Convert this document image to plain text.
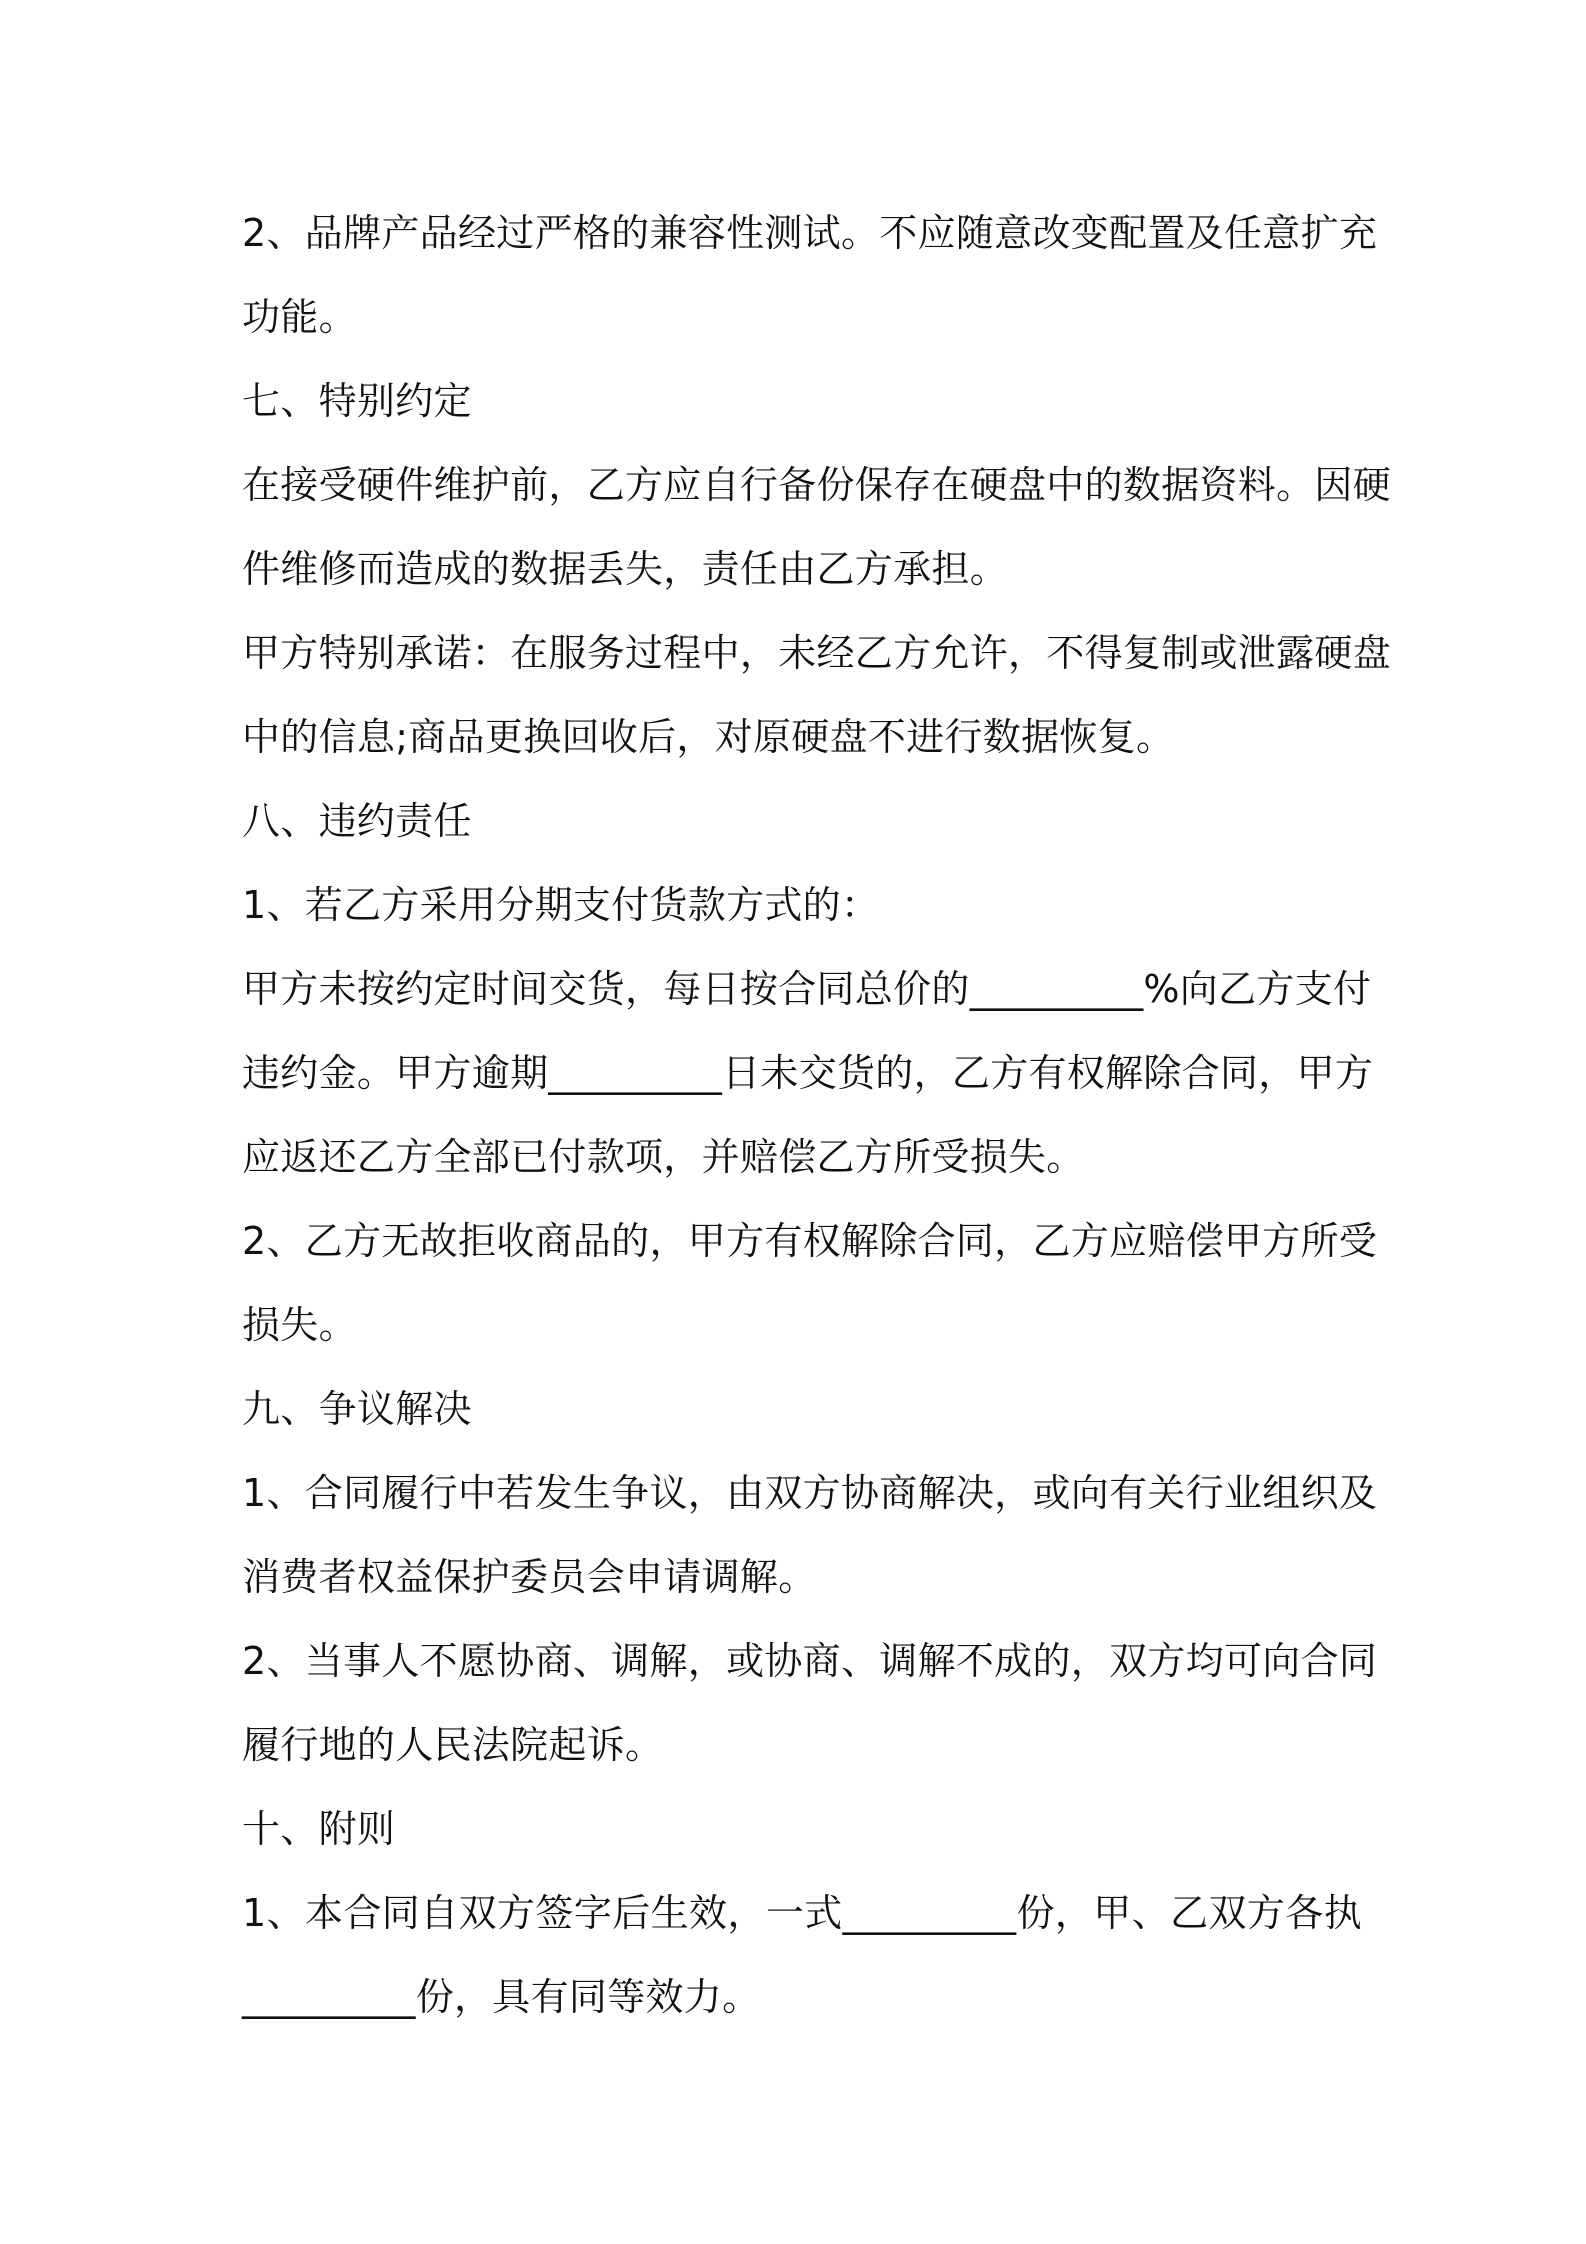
2、品牌产品经过严格的兼容性测试。不应随意改变配置及任意扩充
功能。
七、特别约定
在接受硬件维护前，乙方应自行备份保存在硬盘中的数据资料。因硬
件维修而造成的数据丢失，责任由乙方承担。
甲方特别承诺：在服务过程中，未经乙方允许，不得复制或泄露硬盘
中的信息;商品更换回收后，对原硬盘不进行数据恢复。
八、违约责任
1、若乙方采用分期支付货款方式的：
甲方未按约定时间交货，每日按合同总价的_________%向乙方支付
违约金。甲方逾期_________日未交货的，乙方有权解除合同，甲方
应返还乙方全部已付款项，并赔偿乙方所受损失。
2、乙方无故拒收商品的，甲方有权解除合同，乙方应赔偿甲方所受
损失。
九、争议解决
1、合同履行中若发生争议，由双方协商解决，或向有关行业组织及
消费者权益保护委员会申请调解。
2、当事人不愿协商、调解，或协商、调解不成的，双方均可向合同
履行地的人民法院起诉。
十、附则
1、本合同自双方签字后生效，一式_________份，甲、乙双方各执
_________份，具有同等效力。
